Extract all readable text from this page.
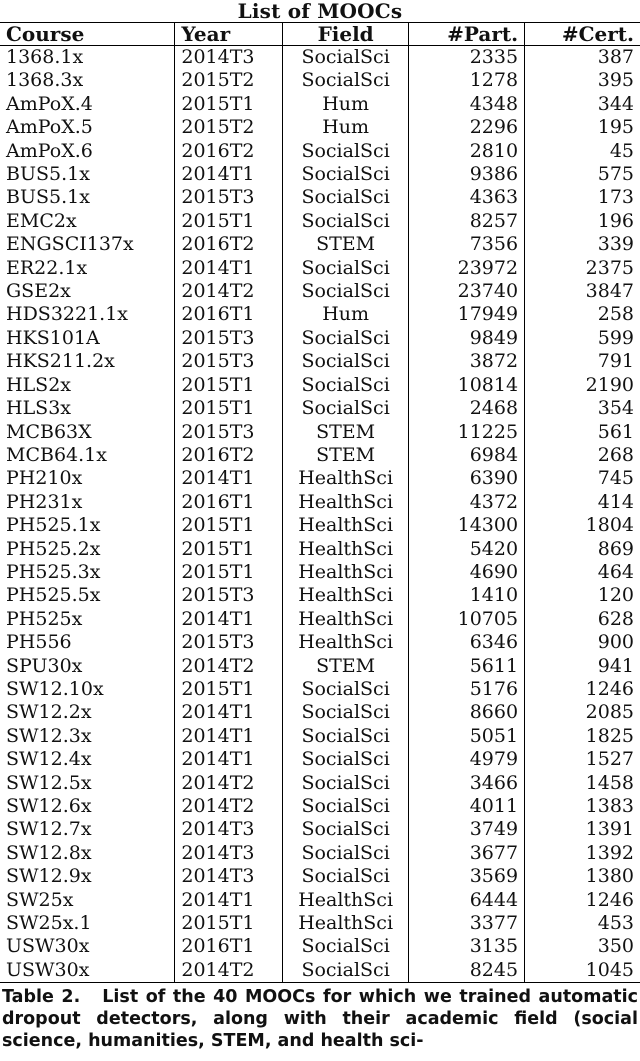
List of MOOCs
Course	Year	Field	#Part.	#Cert.
1368.1x	2014T3	SocialSci	2335	387
1368.3x	2015T2	SocialSci	1278	395
AmPoX.4	2015T1	Hum	4348	344
AmPoX.5	2015T2	Hum	2296	195
AmPoX.6	2016T2	SocialSci	2810	45
BUS5.1x	2014T1	SocialSci	9386	575
BUS5.1x	2015T3	SocialSci	4363	173
EMC2x	2015T1	SocialSci	8257	196
ENGSCI137x	2016T2	STEM	7356	339
ER22.1x	2014T1	SocialSci	23972	2375
GSE2x	2014T2	SocialSci	23740	3847
HDS3221.1x	2016T1	Hum	17949	258
HKS101A	2015T3	SocialSci	9849	599
HKS211.2x	2015T3	SocialSci	3872	791
HLS2x	2015T1	SocialSci	10814	2190
HLS3x	2015T1	SocialSci	2468	354
MCB63X	2015T3	STEM	11225	561
MCB64.1x	2016T2	STEM	6984	268
PH210x	2014T1	HealthSci	6390	745
PH231x	2016T1	HealthSci	4372	414
PH525.1x	2015T1	HealthSci	14300	1804
PH525.2x	2015T1	HealthSci	5420	869
PH525.3x	2015T1	HealthSci	4690	464
PH525.5x	2015T3	HealthSci	1410	120
PH525x	2014T1	HealthSci	10705	628
PH556	2015T3	HealthSci	6346	900
SPU30x	2014T2	STEM	5611	941
SW12.10x	2015T1	SocialSci	5176	1246
SW12.2x	2014T1	SocialSci	8660	2085
SW12.3x	2014T1	SocialSci	5051	1825
SW12.4x	2014T1	SocialSci	4979	1527
SW12.5x	2014T2	SocialSci	3466	1458
SW12.6x	2014T2	SocialSci	4011	1383
SW12.7x	2014T3	SocialSci	3749	1391
SW12.8x	2014T3	SocialSci	3677	1392
SW12.9x	2014T3	SocialSci	3569	1380
SW25x	2014T1	HealthSci	6444	1246
SW25x.1	2015T1	HealthSci	3377	453
USW30x	2016T1	SocialSci	3135	350
USW30x	2014T2	SocialSci	8245	1045
Table 2. List of the 40 MOOCs for which we trained automatic dropout detectors, along with their academic field (social science, humanities, STEM, and health sci-
